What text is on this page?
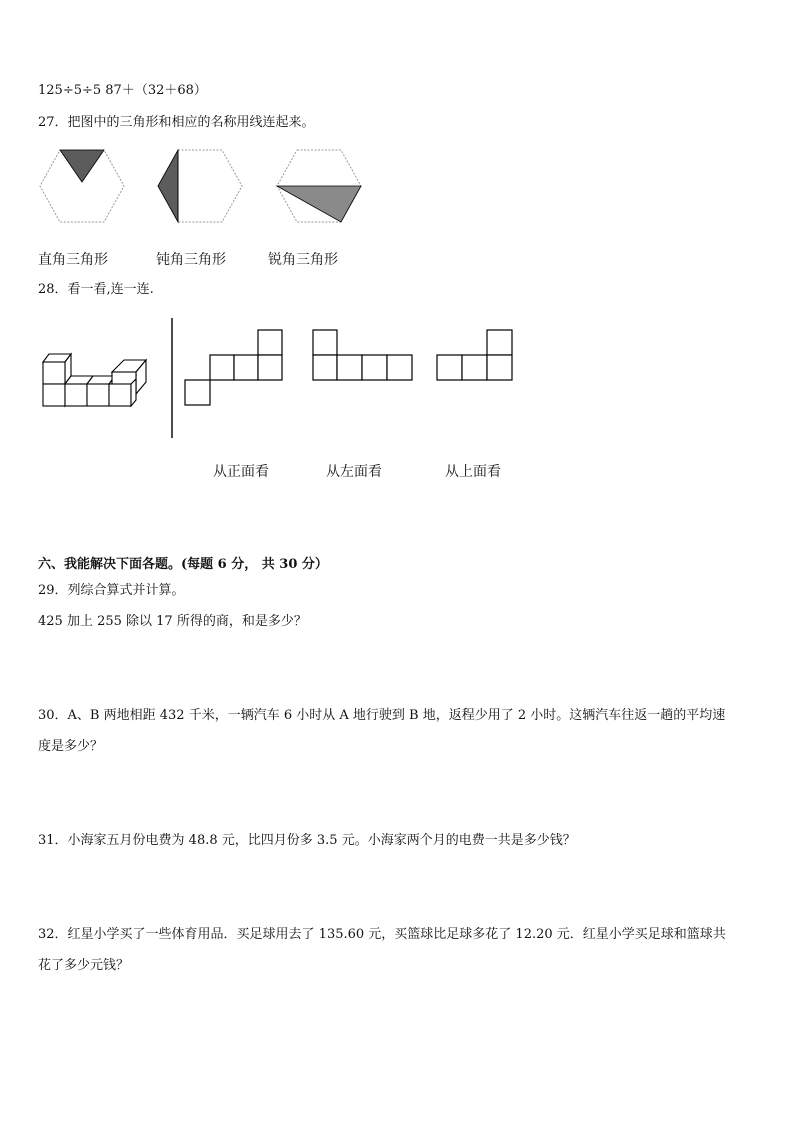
125÷5÷5 87＋（32＋68）
27．把图中的三角形和相应的名称用线连起来。
直角三角形	钝角三角形	锐角三角形
28．看一看,连一连.
从正面看	从左面看	从上面看
六、我能解决下面各题。(每题 6 分， 共 30 分）
29．列综合算式并计算。
425 加上 255 除以 17 所得的商，和是多少？
30．A、B 两地相距 432 千米，一辆汽车 6 小时从 A 地行驶到 B 地，返程少用了 2 小时。这辆汽车往返一趟的平均速
度是多少？
31．小海家五月份电费为 48.8 元，比四月份多 3.5 元。小海家两个月的电费一共是多少钱？
32．红星小学买了一些体育用品．买足球用去了 135.60 元，买篮球比足球多花了 12.20 元．红星小学买足球和篮球共
花了多少元钱？
